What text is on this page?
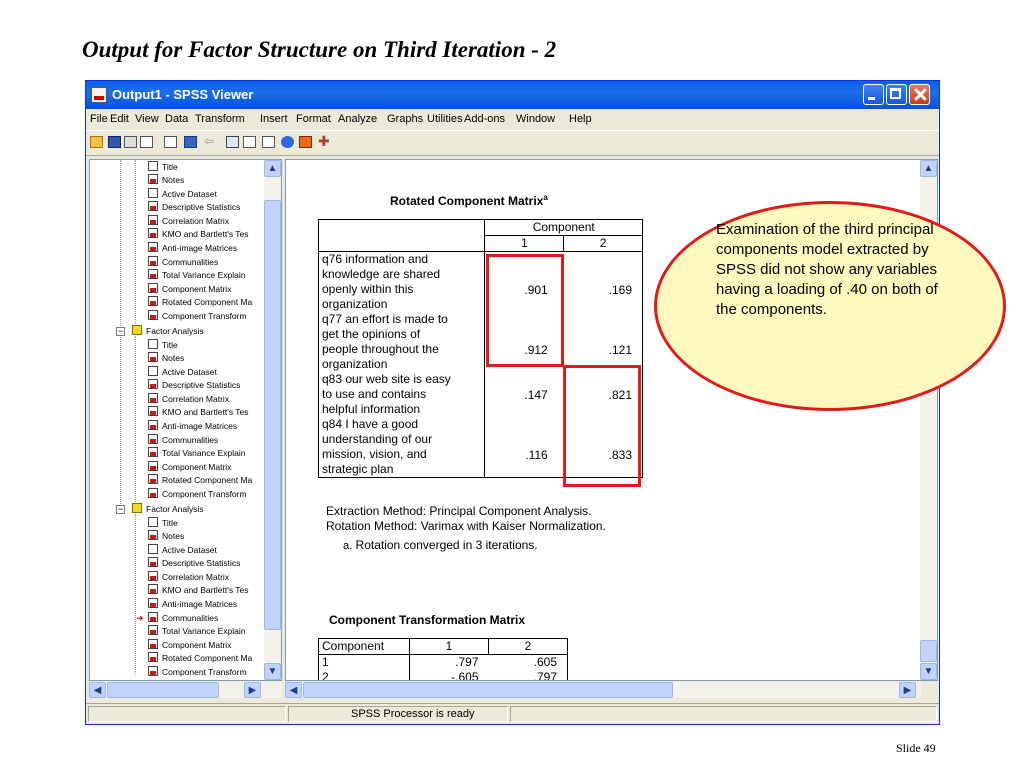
Output for Factor Structure on Third Iteration - 2
Output1 - SPSS Viewer
File Edit View Data Transform Insert Format Analyze Graphs Utilities Add-ons Window Help
⇦	✚
Title
Notes
Active Dataset
Descriptive Statistics
Correlation Matrix
KMO and Bartlett's Tes
Anti-image Matrices
Communalities
Total Variance Explain
Component Matrix
Rotated Component Ma
Component Transform
−	Factor Analysis
Title
Notes
Active Dataset
Descriptive Statistics
Correlation Matrix
KMO and Bartlett's Tes
Anti-image Matrices
Communalities
Total Variance Explain
Component Matrix
Rotated Component Ma
Component Transform
−	Factor Analysis
Title
Notes
Active Dataset
Descriptive Statistics
Correlation Matrix
KMO and Bartlett's Tes
Anti-image Matrices
➜	Communalities
Total Variance Explain
Component Matrix
Rotated Component Ma
Component Transform
▲
▼
◀	▶
Rotated Component Matrix$^a$
	Component	
	1	2

q76 information and
knowledge are shared
openly within this
organization	.901	.169

q77 an effort is made to
get the opinions of
people throughout the
organization	.912	.121

q83 our web site is easy
to use and contains
helpful information	.147	.821

q84 I have a good
understanding of our
mission, vision, and
strategic plan	.116	.833
Extraction Method: Principal Component Analysis.
Rotation Method: Varimax with Kaiser Normalization.
a. Rotation converged in 3 iterations.
Component Transformation Matrix
Component	1	2
1	.797	.605
2	-.605	.797
▲
▼
◀	▶
SPSS Processor is ready
Examination of the third principal components model extracted by SPSS did not show any variables having a loading of .40 on both of the components.
Slide 49
